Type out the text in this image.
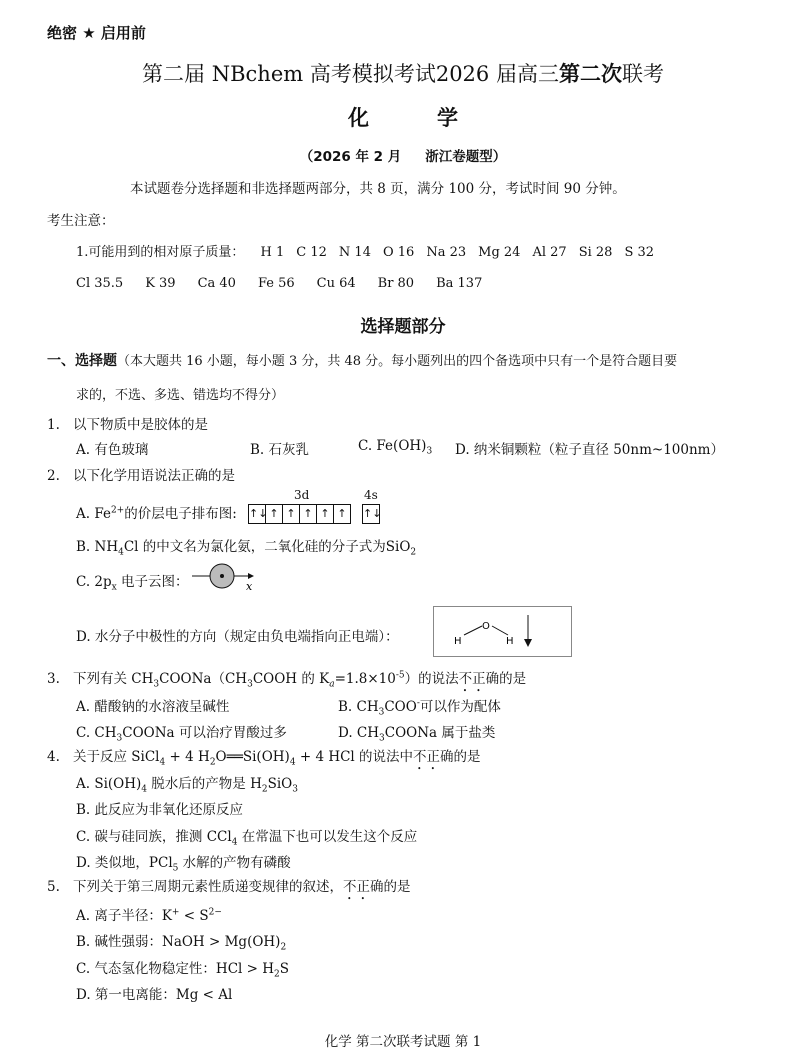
绝密 ★ 启用前
第二届 NBchem 高考模拟考试2026 届高三第二次联考
化	学
（2026 年 2 月 浙江卷题型）
本试题卷分选择题和非选择题两部分，共 8 页，满分 100 分，考试时间 90 分钟。
考生注意：
1.可能用到的相对原子质量： H 1 C 12 N 14 O 16 Na 23 Mg 24 Al 27 Si 28 S 32
Cl 35.5 K 39 Ca 40 Fe 56 Cu 64 Br 80 Ba 137
选择题部分
一、选择题（本大题共 16 小题，每小题 3 分，共 48 分。每小题列出的四个备选项中只有一个是符合题目要
求的，不选、多选、错选均不得分）
1. 以下物质中是胶体的是
A. 有色玻璃	B. 石灰乳	C. $Fe(OH)_3$ D. 纳米铜颗粒（粒子直径 50nm~100nm）
2. 以下化学用语说法正确的是
A. $Fe^{2+}$的价层电子排布图:
3d	4s
↑↓ ↑ ↑ ↑ ↑ ↑	↑↓
B. $NH_4Cl$ 的中文名为氯化氨，二氧化硅的分子式为SiO$_2$
C. $2p_x$ 电子云图：	x
D. 水分子中极性的方向（规定由负电端指向正电端）：	H
O
H
3. 下列有关 $CH_3COONa(CH_3COOH$ 的 $K_a=1.8\times 10^{-5}$）的说法不正确的是
A. 醋酸钠的水溶液呈碱性	B. $CH_3COO^-$可以作为配体
C. $CH_3COONa$ 可以治疗胃酸过多	D. $CH_3COONa$ 属于盐类
4. 关于反应 SiCl$_4$ + 4 $H_2O══Si(OH)_4 + 4$ HCl 的说法中不正确的是
A. $Si(OH)_4$ 脱水后的产物是 $H_2SiO_3$
B. 此反应为非氧化还原反应
C. 碳与硅同族，推测 CCl$_4$ 在常温下也可以发生这个反应
D. 类似地，PCl$_5$ 水解的产物有磷酸
5. 下列关于第三周期元素性质递变规律的叙述，不正确的是
A. 离子半径：$K^+ < S^{2-}$
B. 碱性强弱：NaOH > $Mg(OH)_2$
C. 气态氢化物稳定性：HCl > $H_2S$
D. 第一电离能：Mg < Al
化学 第二次联考试题 第 1
